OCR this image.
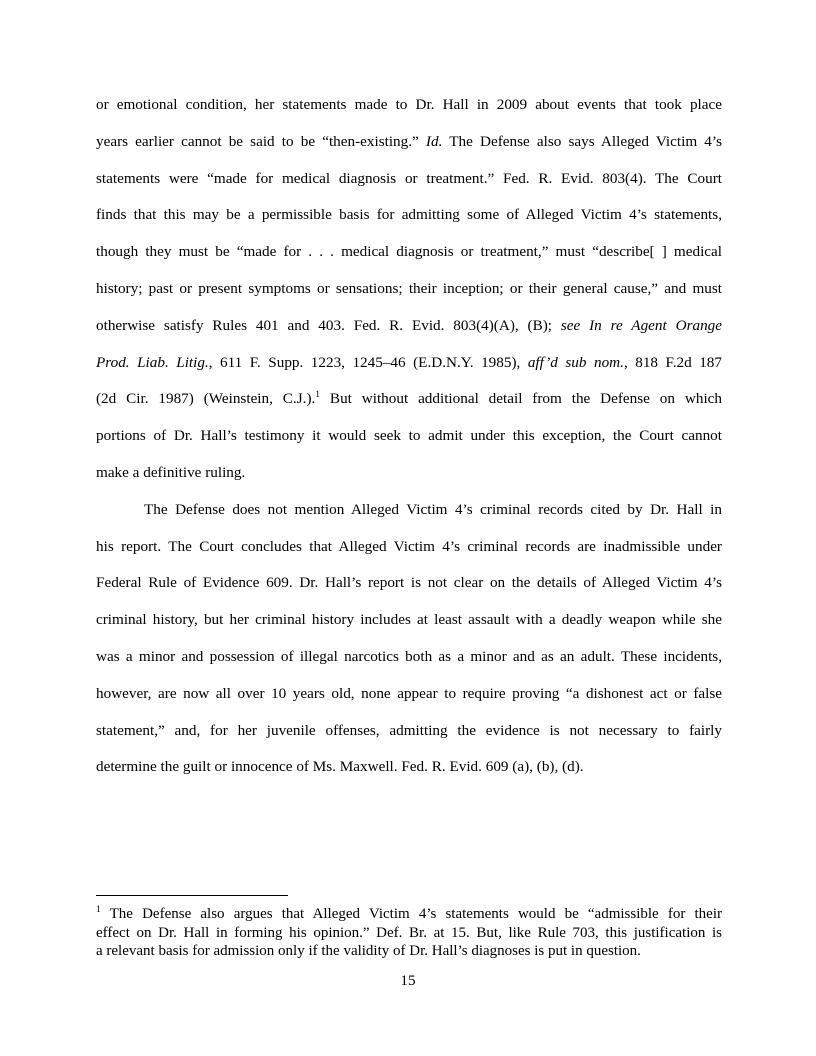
or emotional condition, her statements made to Dr. Hall in 2009 about events that took place
years earlier cannot be said to be “then-existing.” Id. The Defense also says Alleged Victim 4’s
statements were “made for medical diagnosis or treatment.” Fed. R. Evid. 803(4). The Court
finds that this may be a permissible basis for admitting some of Alleged Victim 4’s statements,
though they must be “made for . . . medical diagnosis or treatment,” must “describe[ ] medical
history; past or present symptoms or sensations; their inception; or their general cause,” and must
otherwise satisfy Rules 401 and 403. Fed. R. Evid. 803(4)(A), (B); see In re Agent Orange
Prod. Liab. Litig., 611 F. Supp. 1223, 1245–46 (E.D.N.Y. 1985), aff’d sub nom., 818 F.2d 187
(2d Cir. 1987) (Weinstein, C.J.).$^1$ But without additional detail from the Defense on which
portions of Dr. Hall’s testimony it would seek to admit under this exception, the Court cannot
make a definitive ruling.
The Defense does not mention Alleged Victim 4’s criminal records cited by Dr. Hall in
his report. The Court concludes that Alleged Victim 4’s criminal records are inadmissible under
Federal Rule of Evidence 609. Dr. Hall’s report is not clear on the details of Alleged Victim 4’s
criminal history, but her criminal history includes at least assault with a deadly weapon while she
was a minor and possession of illegal narcotics both as a minor and as an adult. These incidents,
however, are now all over 10 years old, none appear to require proving “a dishonest act or false
statement,” and, for her juvenile offenses, admitting the evidence is not necessary to fairly
determine the guilt or innocence of Ms. Maxwell. Fed. R. Evid. 609 (a), (b), (d).
$^1$ The Defense also argues that Alleged Victim 4’s statements would be “admissible for their
effect on Dr. Hall in forming his opinion.” Def. Br. at 15. But, like Rule 703, this justification is
a relevant basis for admission only if the validity of Dr. Hall’s diagnoses is put in question.
15
